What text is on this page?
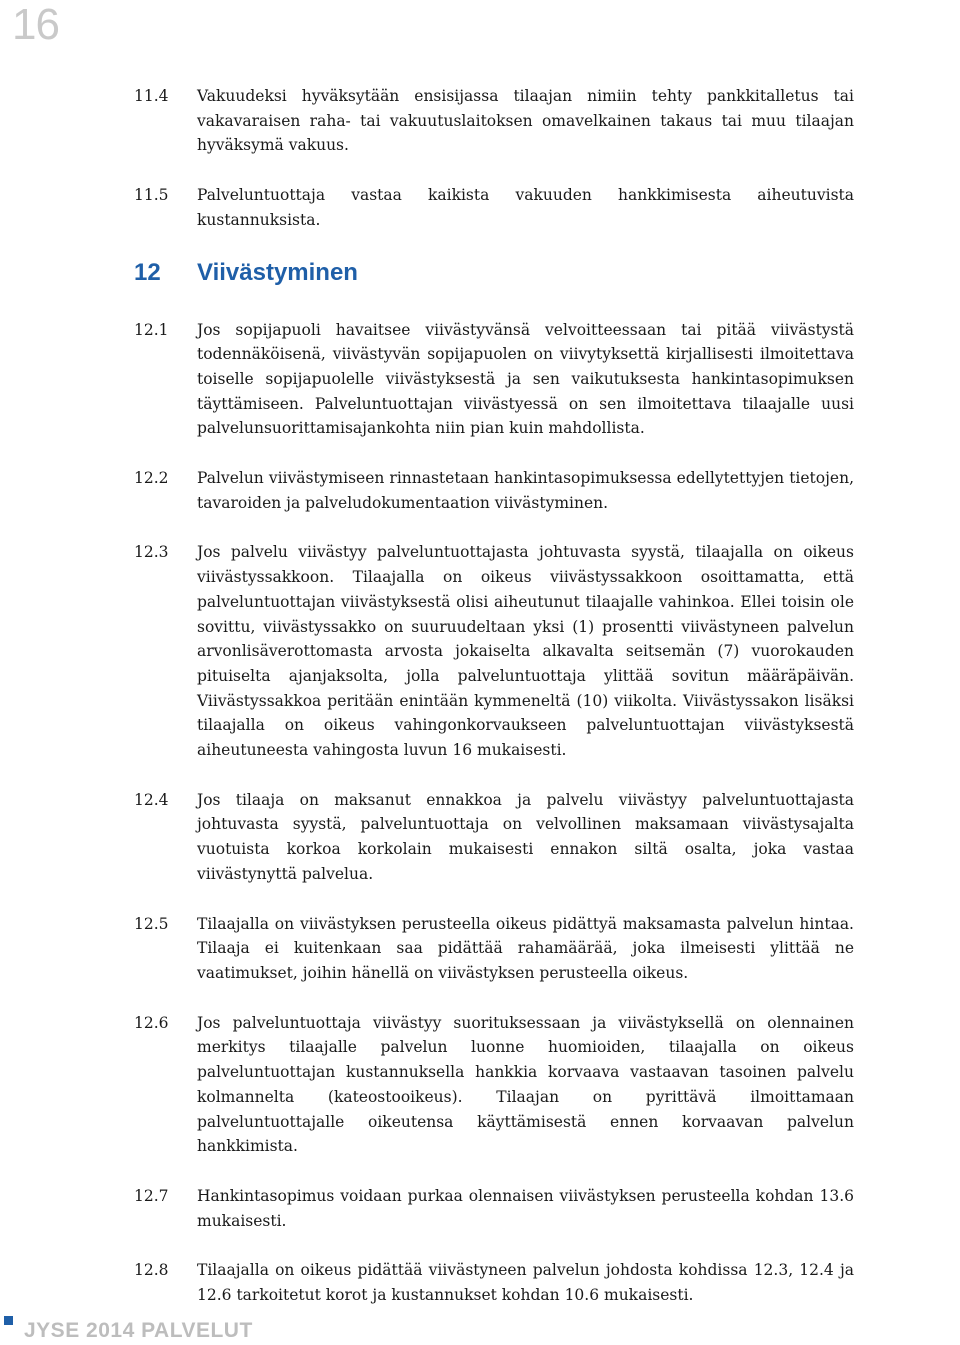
16
11.4	Vakuudeksi hyväksytään ensisijassa tilaajan nimiin tehty pankkitalletus tai vakavaraisen raha- tai vakuutuslaitoksen omavelkainen takaus tai muu tilaajan hyväksymä vakuus.
11.5	Palveluntuottaja vastaa kaikista vakuuden hankkimisesta aiheutuvista kustannuksista.
12	Viivästyminen
12.1	Jos sopijapuoli havaitsee viivästyvänsä velvoitteessaan tai pitää viivästystä todennäköisenä, viivästyvän sopijapuolen on viivytyksettä kirjallisesti ilmoitettava toiselle sopijapuolelle viivästyksestä ja sen vaikutuksesta hankintasopimuksen täyttämiseen. Palveluntuottajan viivästyessä on sen ilmoitettava tilaajalle uusi palvelunsuorittamisajankohta niin pian kuin mahdollista.
12.2	Palvelun viivästymiseen rinnastetaan hankintasopimuksessa edellytettyjen tietojen, tavaroiden ja palveludokumentaation viivästyminen.
12.3	Jos palvelu viivästyy palveluntuottajasta johtuvasta syystä, tilaajalla on oikeus viivästyssakkoon. Tilaajalla on oikeus viivästyssakkoon osoittamatta, että palveluntuottajan viivästyksestä olisi aiheutunut tilaajalle vahinkoa. Ellei toisin ole sovittu, viivästyssakko on suuruudeltaan yksi (1) prosentti viivästyneen palvelun arvonlisäverottomasta arvosta jokaiselta alkavalta seitsemän (7) vuorokauden pituiselta ajanjaksolta, jolla palveluntuottaja ylittää sovitun määräpäivän. Viivästyssakkoa peritään enintään kymmeneltä (10) viikolta. Viivästyssakon lisäksi tilaajalla on oikeus vahingonkorvaukseen palveluntuottajan viivästyksestä aiheutuneesta vahingosta luvun 16 mukaisesti.
12.4	Jos tilaaja on maksanut ennakkoa ja palvelu viivästyy palveluntuottajasta johtuvasta syystä, palveluntuottaja on velvollinen maksamaan viivästysajalta vuotuista korkoa korkolain mukaisesti ennakon siltä osalta, joka vastaa viivästynyttä palvelua.
12.5	Tilaajalla on viivästyksen perusteella oikeus pidättyä maksamasta palvelun hintaa. Tilaaja ei kuitenkaan saa pidättää rahamäärää, joka ilmeisesti ylittää ne vaatimukset, joihin hänellä on viivästyksen perusteella oikeus.
12.6	Jos palveluntuottaja viivästyy suorituksessaan ja viivästyksellä on olennainen merkitys tilaajalle palvelun luonne huomioiden, tilaajalla on oikeus palveluntuottajan kustannuksella hankkia korvaava vastaavan tasoinen palvelu kolmannelta (kateostooikeus). Tilaajan on pyrittävä ilmoittamaan palveluntuottajalle oikeutensa käyttämisestä ennen korvaavan palvelun hankkimista.
12.7	Hankintasopimus voidaan purkaa olennaisen viivästyksen perusteella kohdan 13.6 mukaisesti.
12.8	Tilaajalla on oikeus pidättää viivästyneen palvelun johdosta kohdissa 12.3, 12.4 ja 12.6 tarkoitetut korot ja kustannukset kohdan 10.6 mukaisesti.
JYSE 2014 PALVELUT
